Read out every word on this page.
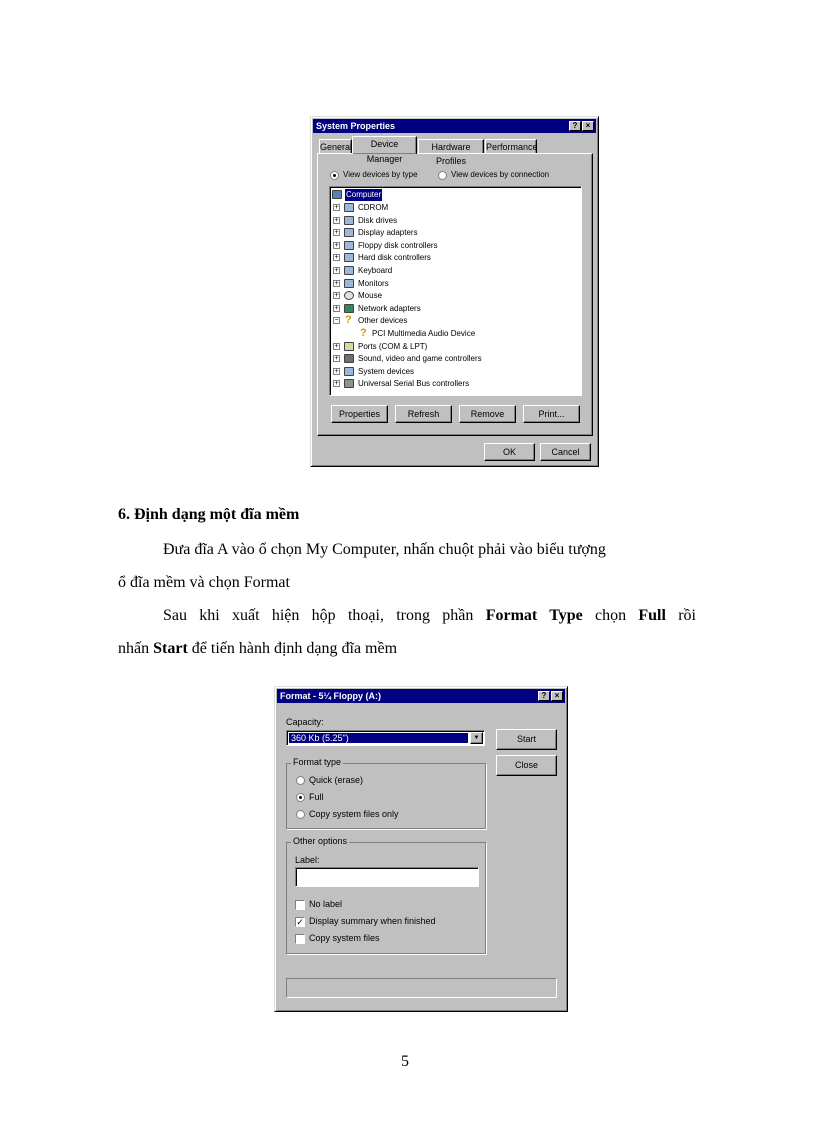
System Properties	?	×
General	Device Manager
Hardware Profiles
Performance
View devices by type	View devices by connection
Computer
+ CDROM
+ Disk drives
+ Display adapters
+ Floppy disk controllers
+ Hard disk controllers
+ Keyboard
+ Monitors
+ Mouse
+ Network adapters
− ? Other devices
? PCI Multimedia Audio Device
+ Ports (COM & LPT)
+ Sound, video and game controllers
+ System devices
+ Universal Serial Bus controllers
Properties	Refresh	Remove	Print...
OK	Cancel
6. Định dạng một đĩa mềm
Đưa đĩa A vào ổ chọn My Computer, nhấn chuột phải vào biểu tượng
ổ đĩa mềm và chọn Format
Sau khi xuất hiện hộp thoại, trong phần Format Type chọn Full rồi
nhấn Start để tiến hành định dạng đĩa mềm
Format - 5¼ Floppy (A:)	?	×
Capacity:
360 Kb (5.25")	▼	Start
Close
Format type
Quick (erase)
Full
Copy system files only
Other options
Label:
No label
✓ Display summary when finished
Copy system files
5
